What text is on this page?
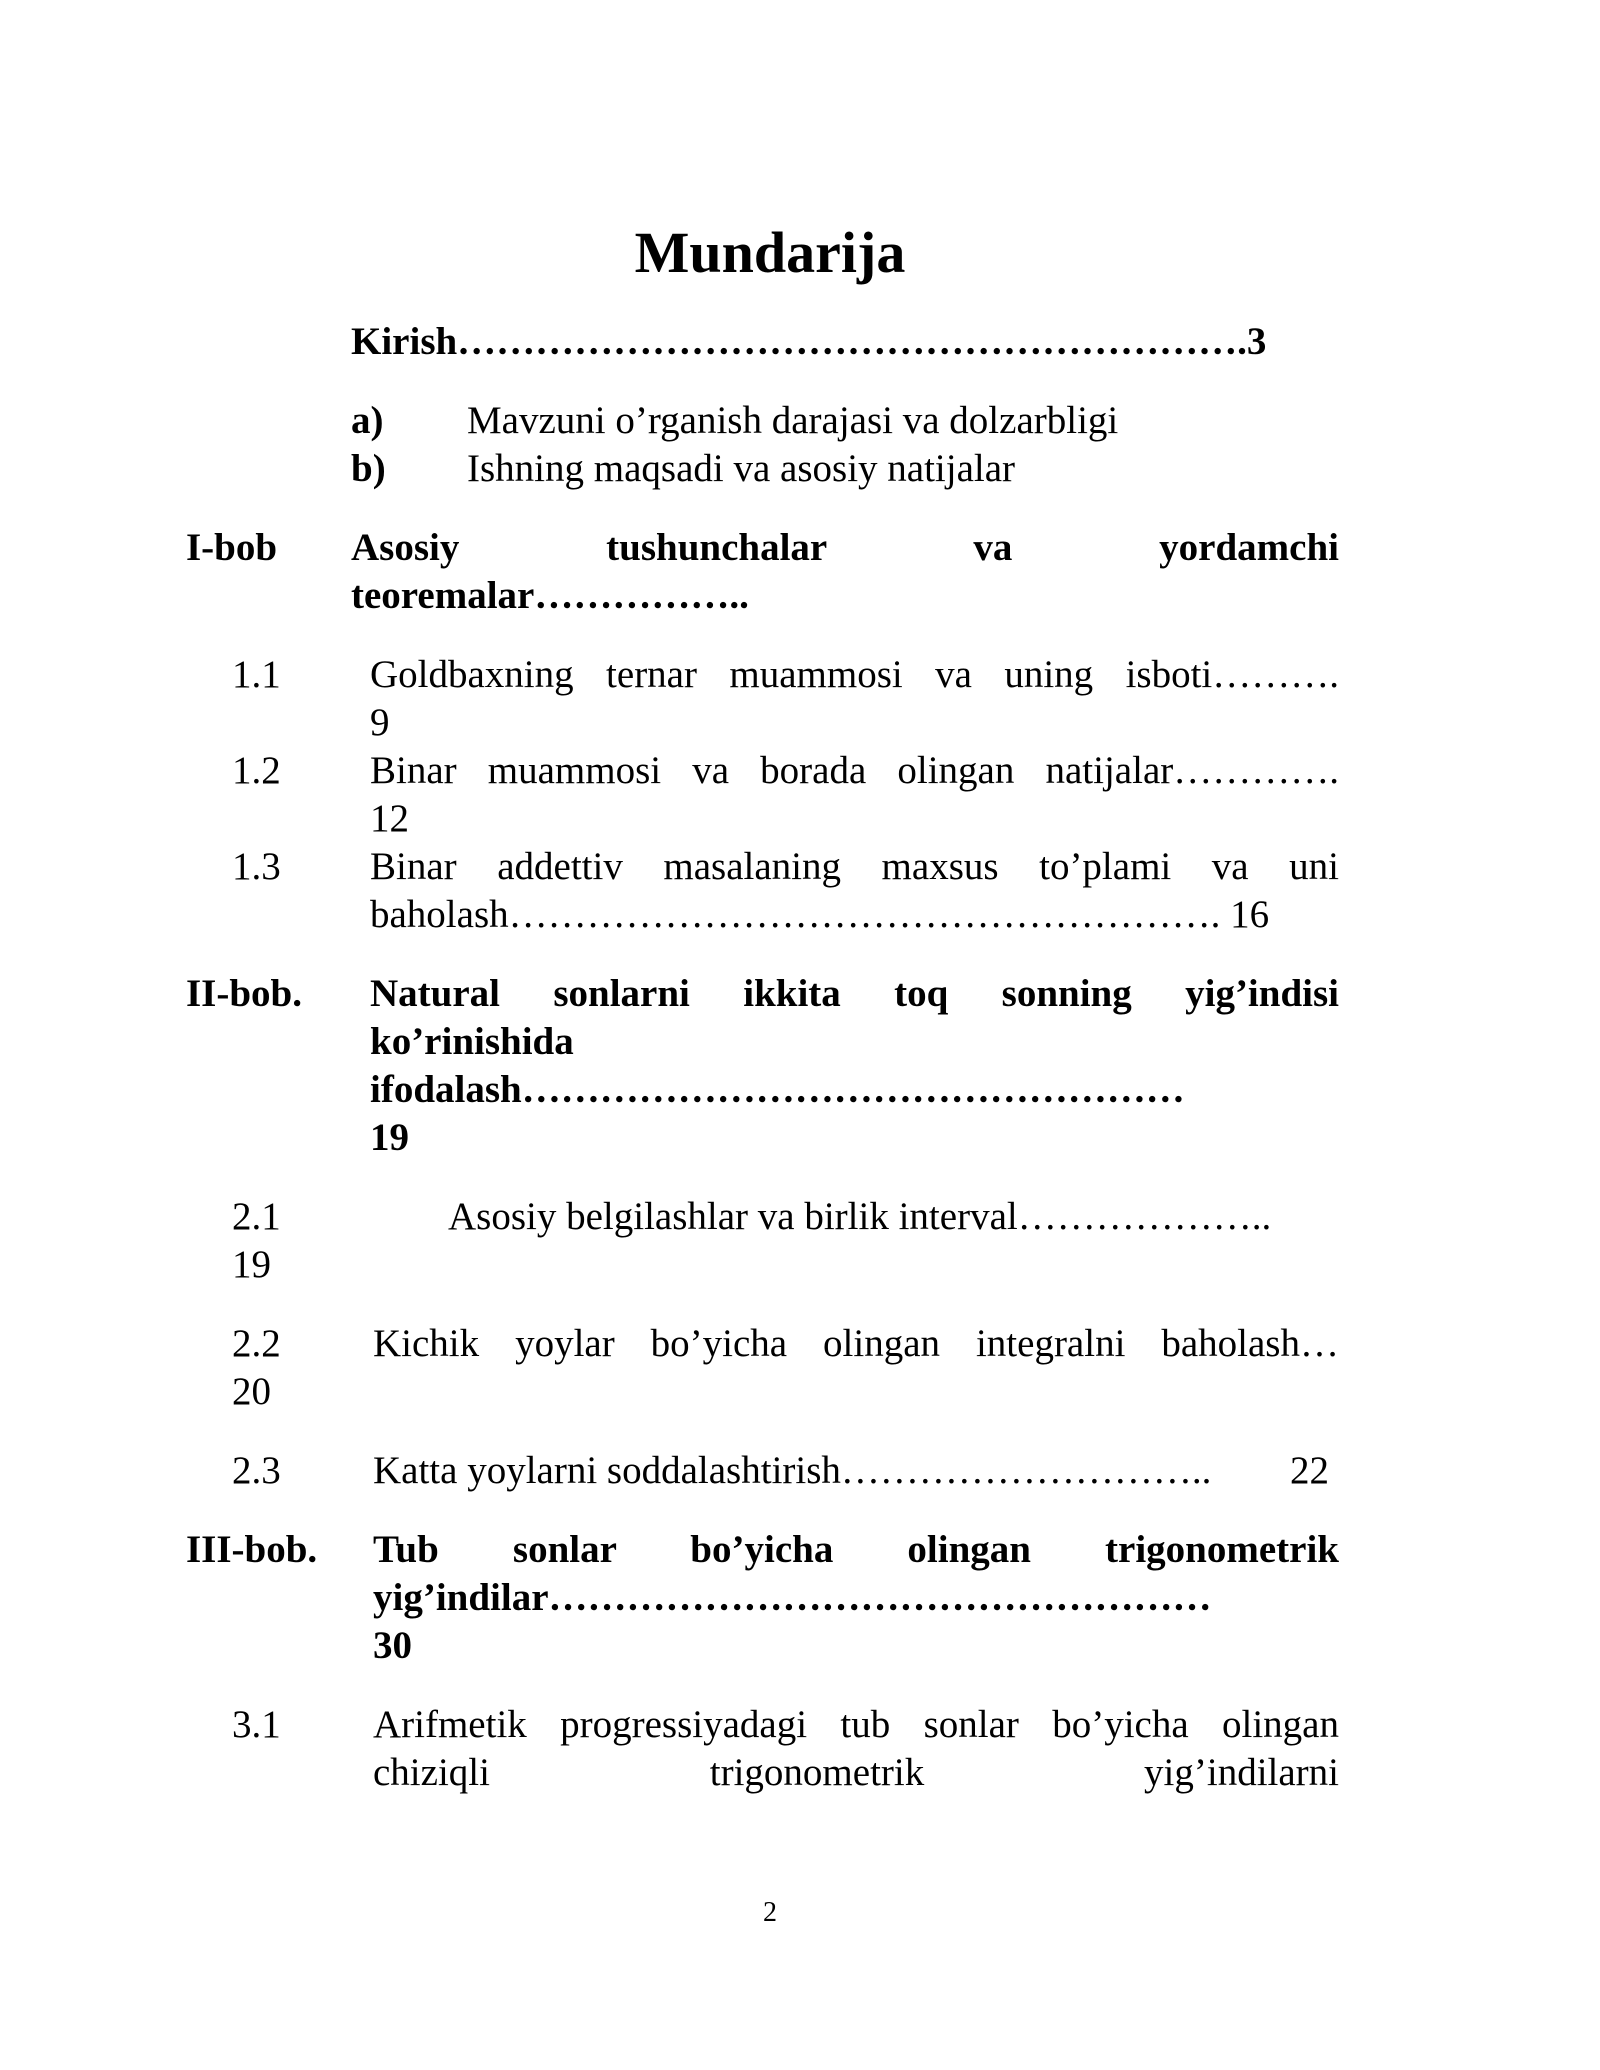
Mundarija
Kirish…………………………………………………….3
a) Mavzuni o’rganish darajasi va dolzarbligi
b) Ishning maqsadi va asosiy natijalar
I-bob Asosiy tushunchalar va yordamchi
teoremalar……………..
1.1 Goldbaxning ternar muammosi va uning isboti……….
9
1.2 Binar muammosi va borada olingan natijalar………….
12
1.3 Binar addettiv masalaning maxsus to’plami va uni
baholash………………………………………………. 16
II-bob. Natural sonlarni ikkita toq sonning yig’indisi
ko’rinishida
ifodalash……………………………………………
19
2.1	Asosiy belgilashlar va birlik interval………………..
19
2.2 Kichik yoylar bo’yicha olingan integralni baholash…
20
2.3 Katta yoylarni soddalashtirish……………………….. 22
III-bob. Tub sonlar bo’yicha olingan trigonometrik
yig’indilar……………………………………………
30
3.1 Arifmetik progressiyadagi tub sonlar bo’yicha olingan
chiziqli trigonometrik yig’indilarni
2
